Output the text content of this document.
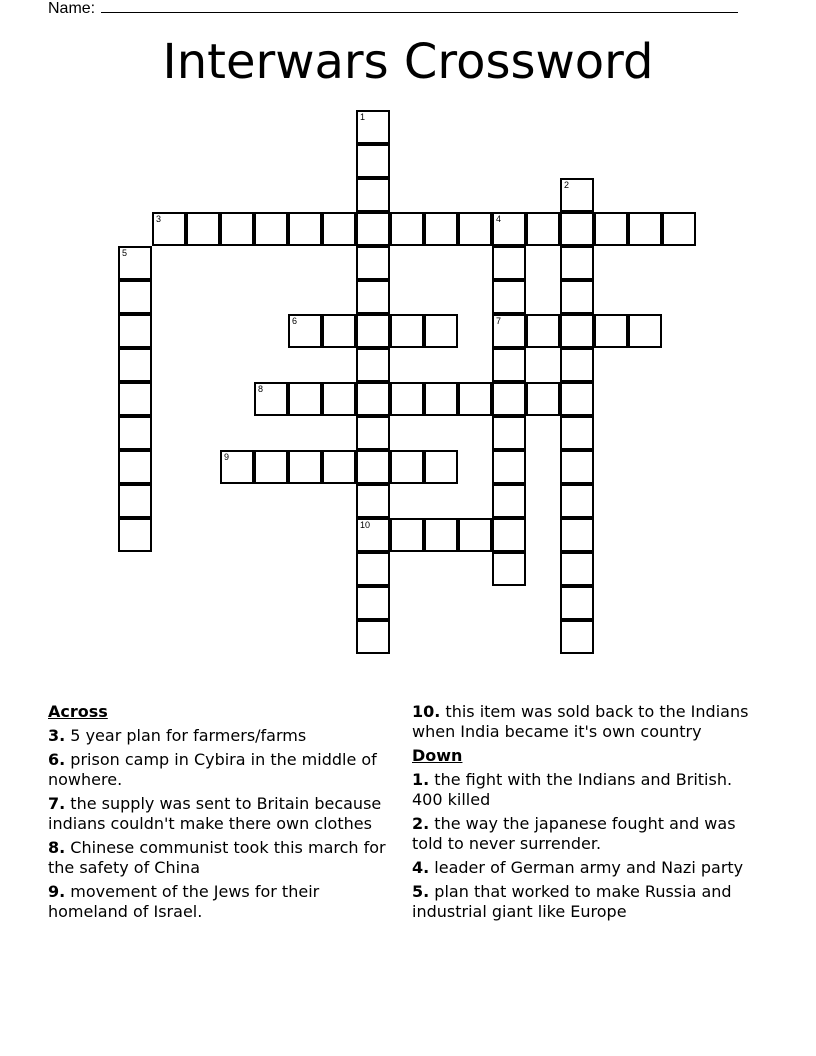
Name:
Interwars Crossword
1
10
2
3	4
7
5
6
8
9
Across
3. 5 year plan for farmers/farms
6. prison camp in Cybira in the middle of nowhere.
7. the supply was sent to Britain because indians couldn't make there own clothes
8. Chinese communist took this march for the safety of China
9. movement of the Jews for their homeland of Israel.
10. this item was sold back to the Indians when India became it's own country
Down
1. the fight with the Indians and British. 400 killed
2. the way the japanese fought and was told to never surrender.
4. leader of German army and Nazi party
5. plan that worked to make Russia and industrial giant like Europe
